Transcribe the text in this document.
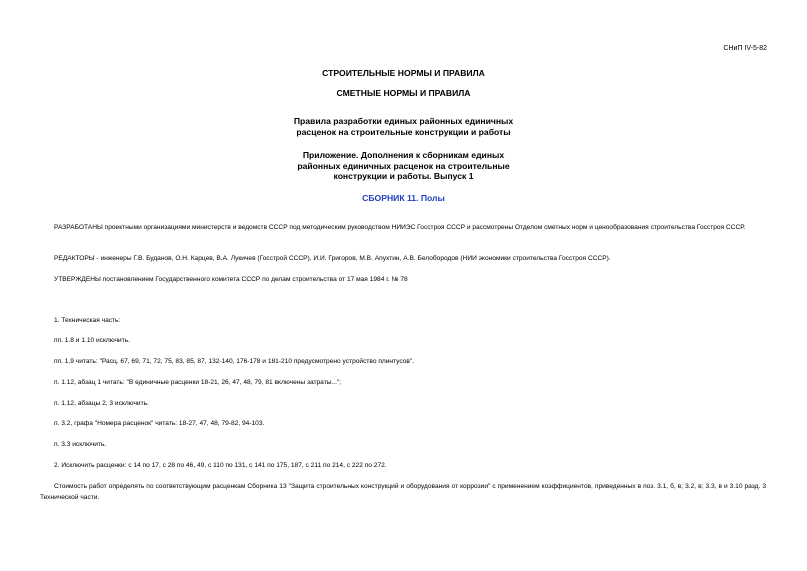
СНиП IV-5-82
СТРОИТЕЛЬНЫЕ НОРМЫ И ПРАВИЛА
СМЕТНЫЕ НОРМЫ И ПРАВИЛА
Правила разработки единых районных единичных
расценок на строительные конструкции и работы
Приложение. Дополнения к сборникам единых
районных единичных расценок на строительные
конструкции и работы. Выпуск 1
СБОРНИК 11. Полы
РАЗРАБОТАНЫ проектными организациями министерств и ведомств СССР под методическим руководством НИИЭС Госстроя СССР и рассмотрены Отделом сметных норм и ценообразования строительства Госстроя СССР.
РЕДАКТОРЫ - инженеры Г.В. Буданов, О.Н. Карцев, В.А. Лукичев (Госстрой СССР), И.И. Григоров, М.В. Апухтин, А.В. Белобородов (НИИ экономики строительства Госстроя СССР).
УТВЕРЖДЕНЫ постановлением Государственного комитета СССР по делам строительства от 17 мая 1984 г. № 78
1. Техническая часть:
пп. 1.8 и 1.10 исключить.
пп. 1.9 читать: "Расц. 67, 69, 71, 72, 75, 83, 85, 87, 132-140, 176-178 и 181-210 предусмотрено устройство плинтусов".
п. 1.12, абзац 1 читать: "В единичные расценки 18-21, 26, 47, 48, 79, 81 включены затраты...";
п. 1.12, абзацы 2, 3 исключить.
п. 3.2, графа "Номера расценок" читать: 18-27, 47, 48, 79-82, 94-103.
п. 3.3 исключить.
2. Исключить расценки: с 14 по 17, с 28 по 46, 49, с 110 по 131, с 141 по 175, 187, с 211 по 214, с 222 по 272.
Стоимость работ определять по соответствующим расценкам Сборника 13 "Защита строительных конструкций и оборудования от коррозии" с применением коэффициентов, приведенных в поз. 3.1, б, в; 3.2, в; 3.3, в и 3.10 разд. 3 Технической части.
